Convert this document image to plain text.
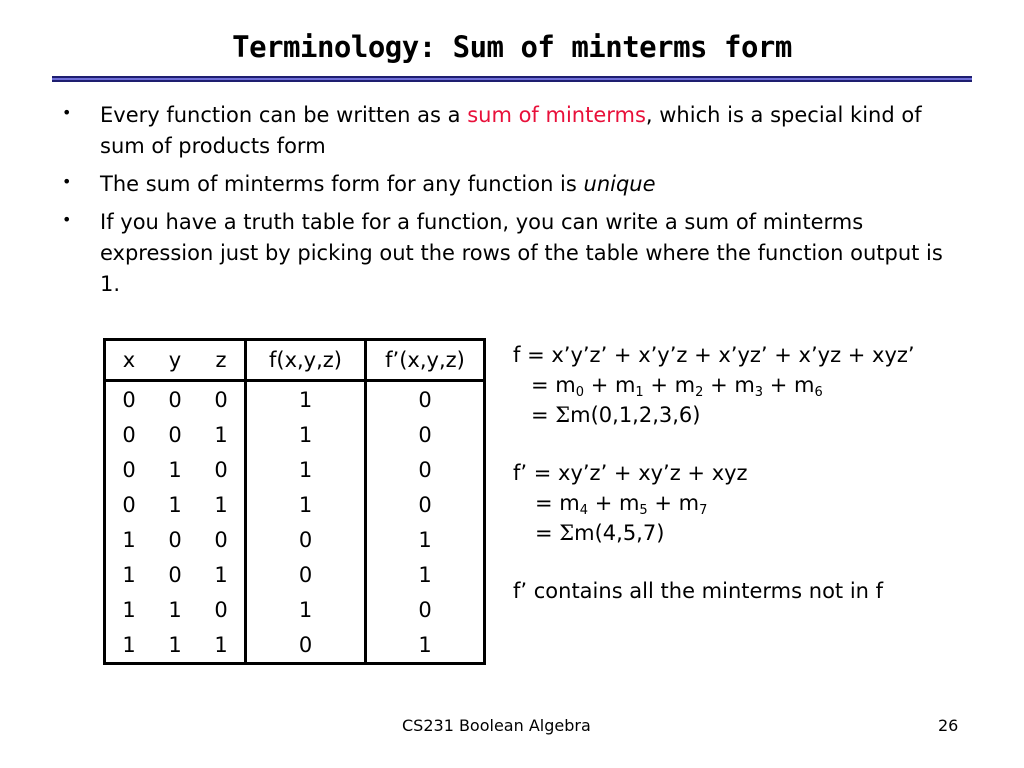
Terminology: Sum of minterms form
• Every function can be written as a sum of minterms, which is a special kind of sum of products form
• The sum of minterms form for any function is unique
• If you have a truth table for a function, you can write a sum of minterms expression just by picking out the rows of the table where the function output is 1.
x	y	z	f(x,y,z)	f’(x,y,z)
0	0	0	1	0
0	0	1	1	0
0	1	0	1	0
0	1	1	1	0
1	0	0	0	1
1	0	1	0	1
1	1	0	1	0
1	1	1	0	1
f = x’y’z’ + x’y’z + x’yz’ + x’yz + xyz’
= $m_0 + m_1 + m_2 + m_3 + m_6$
= Σm(0,1,2,3,6)
f’ = xy’z’ + xy’z + xyz
= $m_4 + m_5 + m_7$
= Σm(4,5,7)
f’ contains all the minterms not in f
CS231 Boolean Algebra	26
